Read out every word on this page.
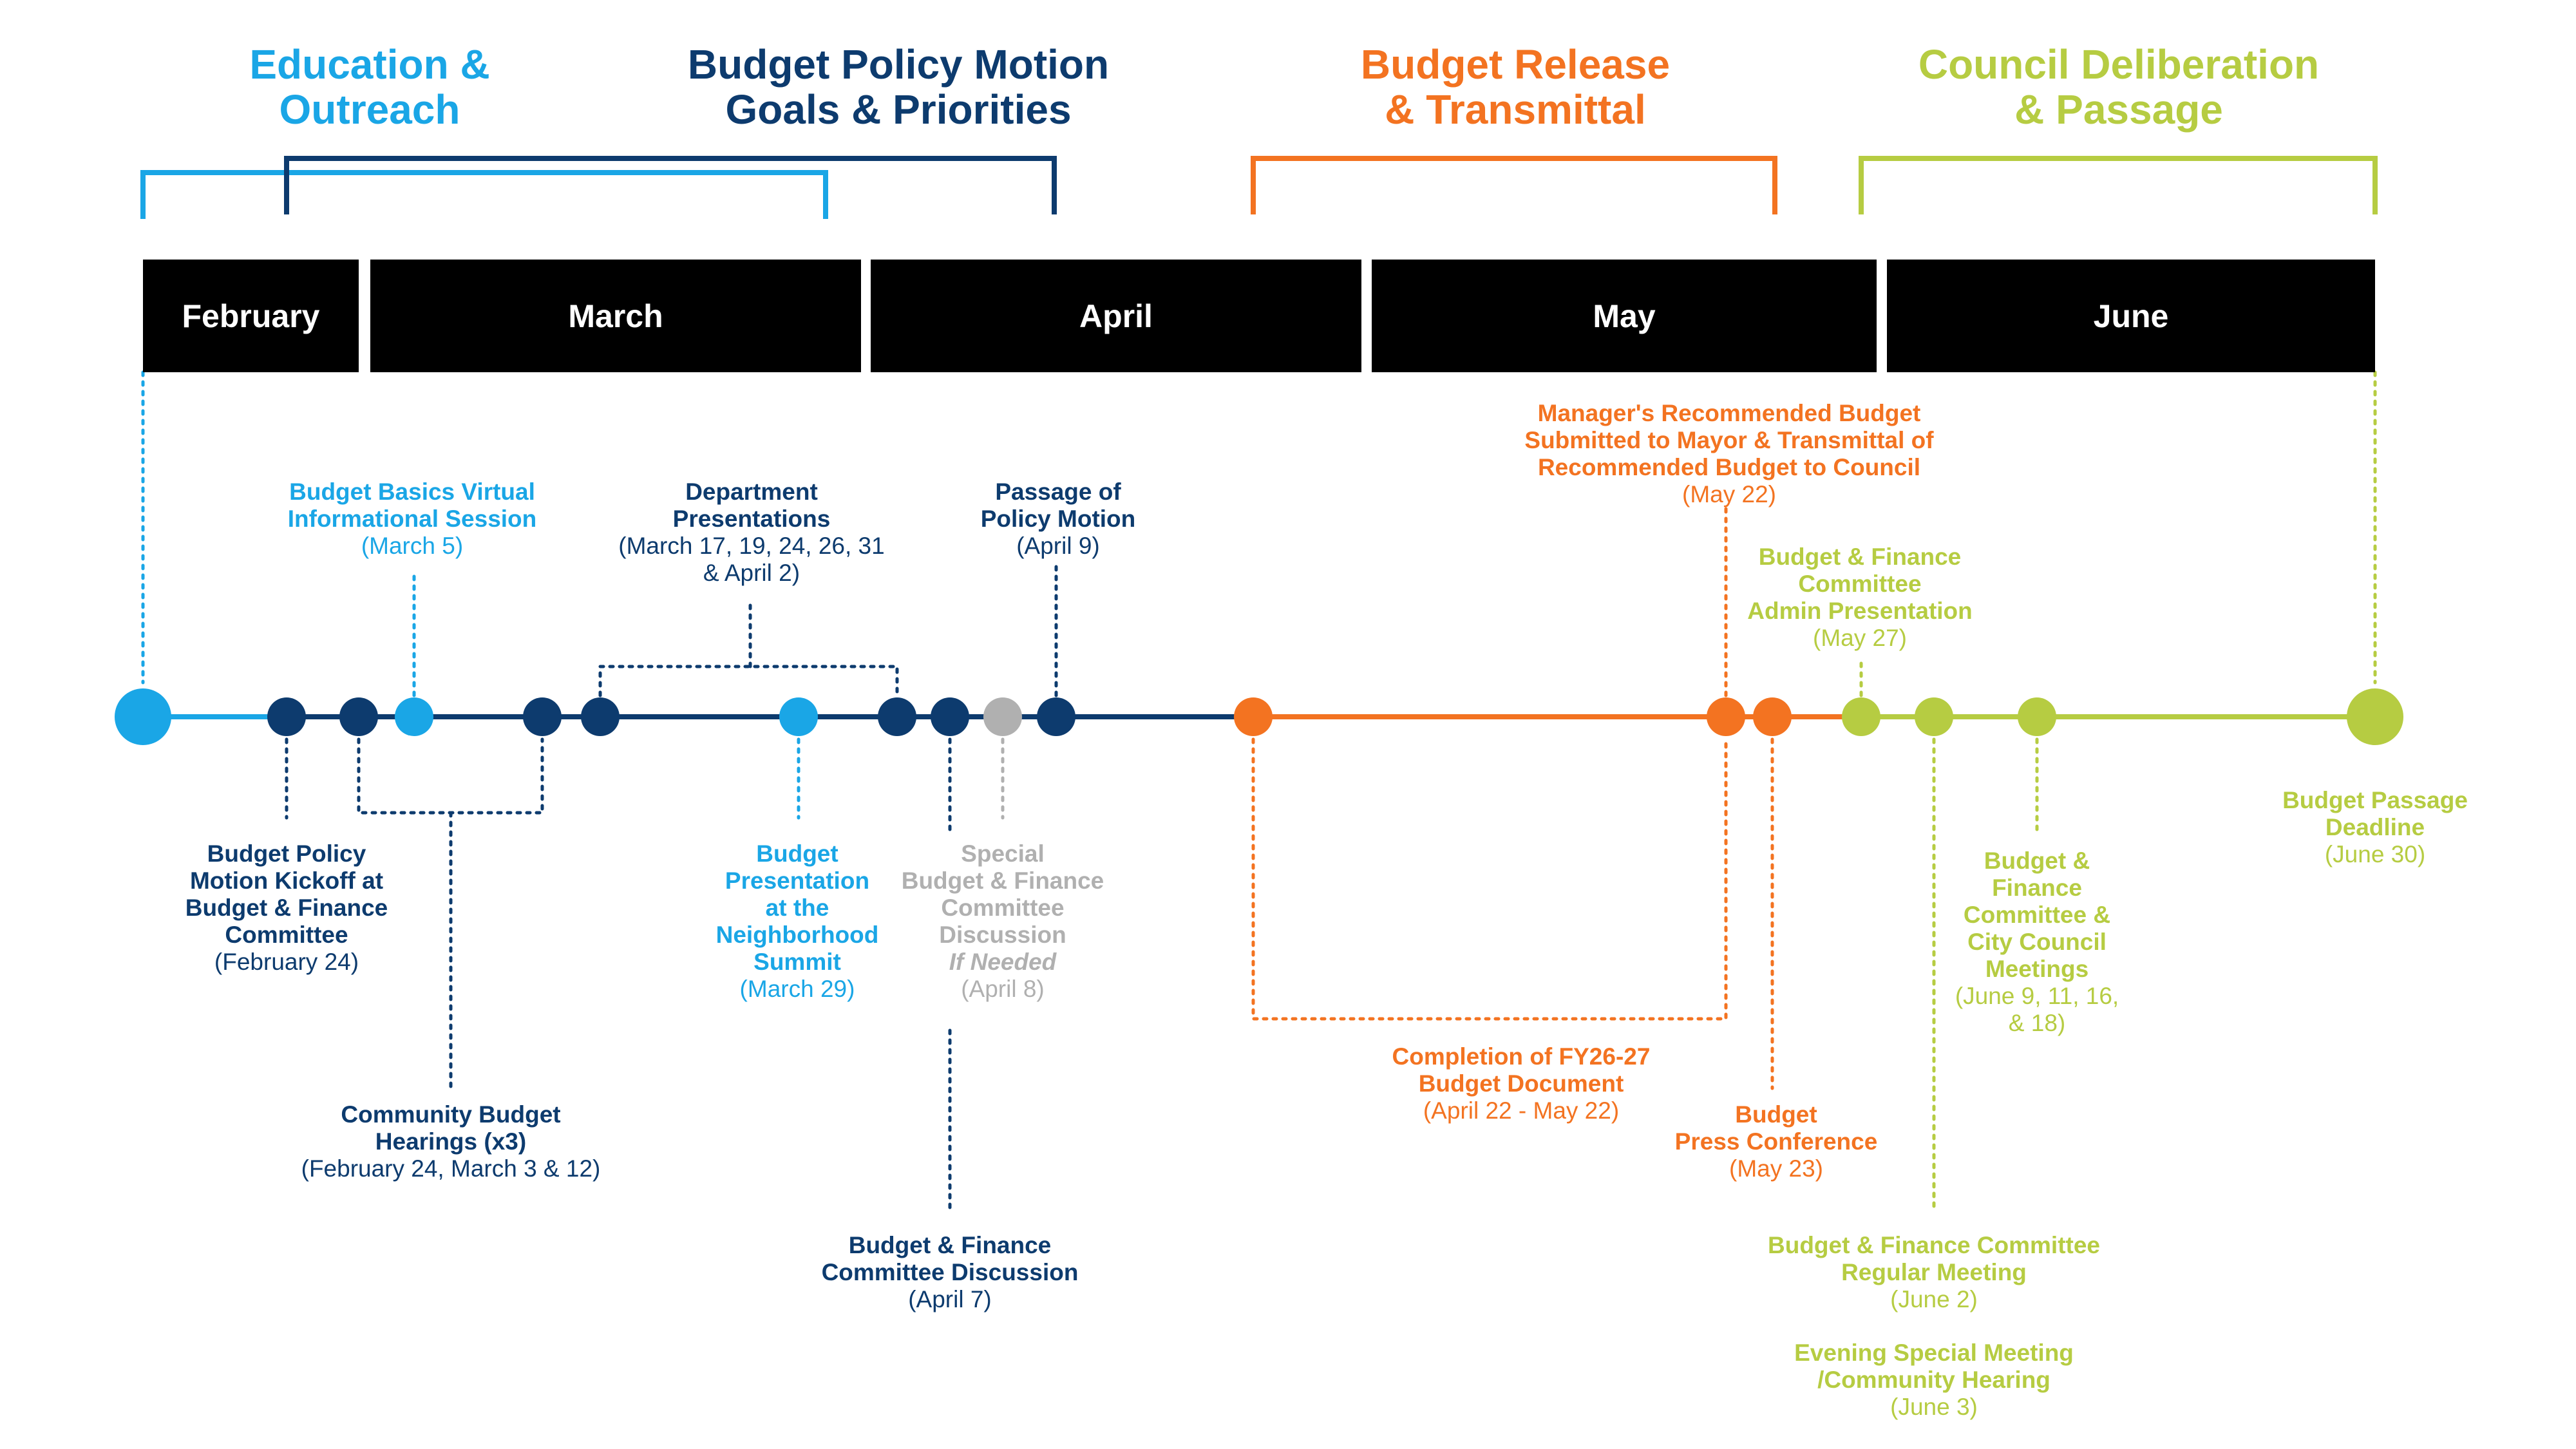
Education &
Outreach
Budget Policy Motion
Goals & Priorities
Budget Release
& Transmittal
Council Deliberation
& Passage
February	March	April	May	June
Budget Basics Virtual
Informational Session
(March 5)
Department
Presentations
(March 17, 19, 24, 26, 31
& April 2)
Passage of
Policy Motion
(April 9)
Manager's Recommended Budget
Submitted to Mayor & Transmittal of
Recommended Budget to Council
(May 22)
Budget & Finance
Committee
Admin Presentation
(May 27)
Budget Policy
Motion Kickoff at
Budget & Finance
Committee
(February 24)
Community Budget
Hearings (x3)
(February 24, March 3 & 12)
Budget
Presentation
at the
Neighborhood
Summit
(March 29)
Special
Budget & Finance
Committee
Discussion
If Needed
(April 8)
Budget & Finance
Committee Discussion
(April 7)
Completion of FY26-27
Budget Document
(April 22 - May 22)	Budget
Press Conference
(May 23)
Budget & Finance Committee
Regular Meeting
(June 2)
Evening Special Meeting
/Community Hearing
(June 3)
Budget &
Finance
Committee &
City Council
Meetings
(June 9, 11, 16,
& 18)
Budget Passage
Deadline
(June 30)
